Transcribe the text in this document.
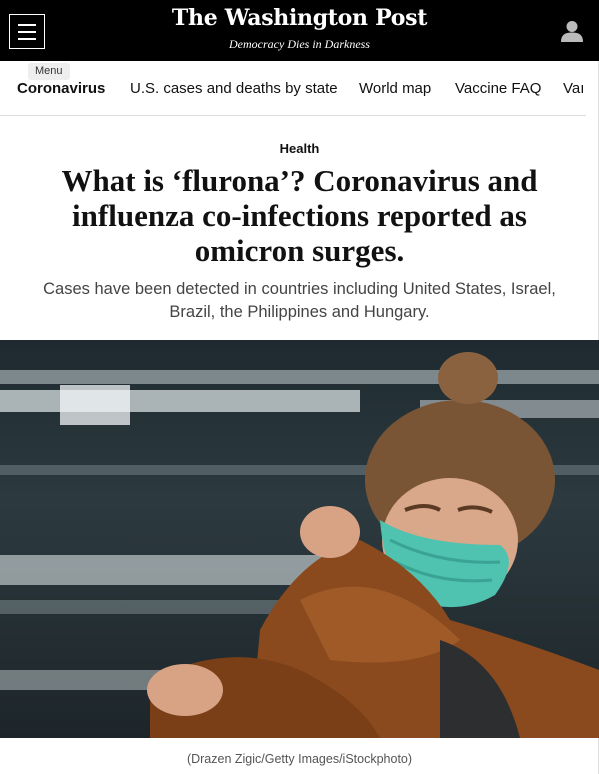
The Washington Post
Democracy Dies in Darkness
Coronavirus U.S. cases and deaths by state World map Vaccine FAQ Vaı
Menu
Health
What is ‘flurona’? Coronavirus and influenza co-infections reported as omicron surges.

Cases have been detected in countries including United States, Israel, Brazil, the Philippines and Hungary.

(Drazen Zigic/Getty Images/iStockphoto)
